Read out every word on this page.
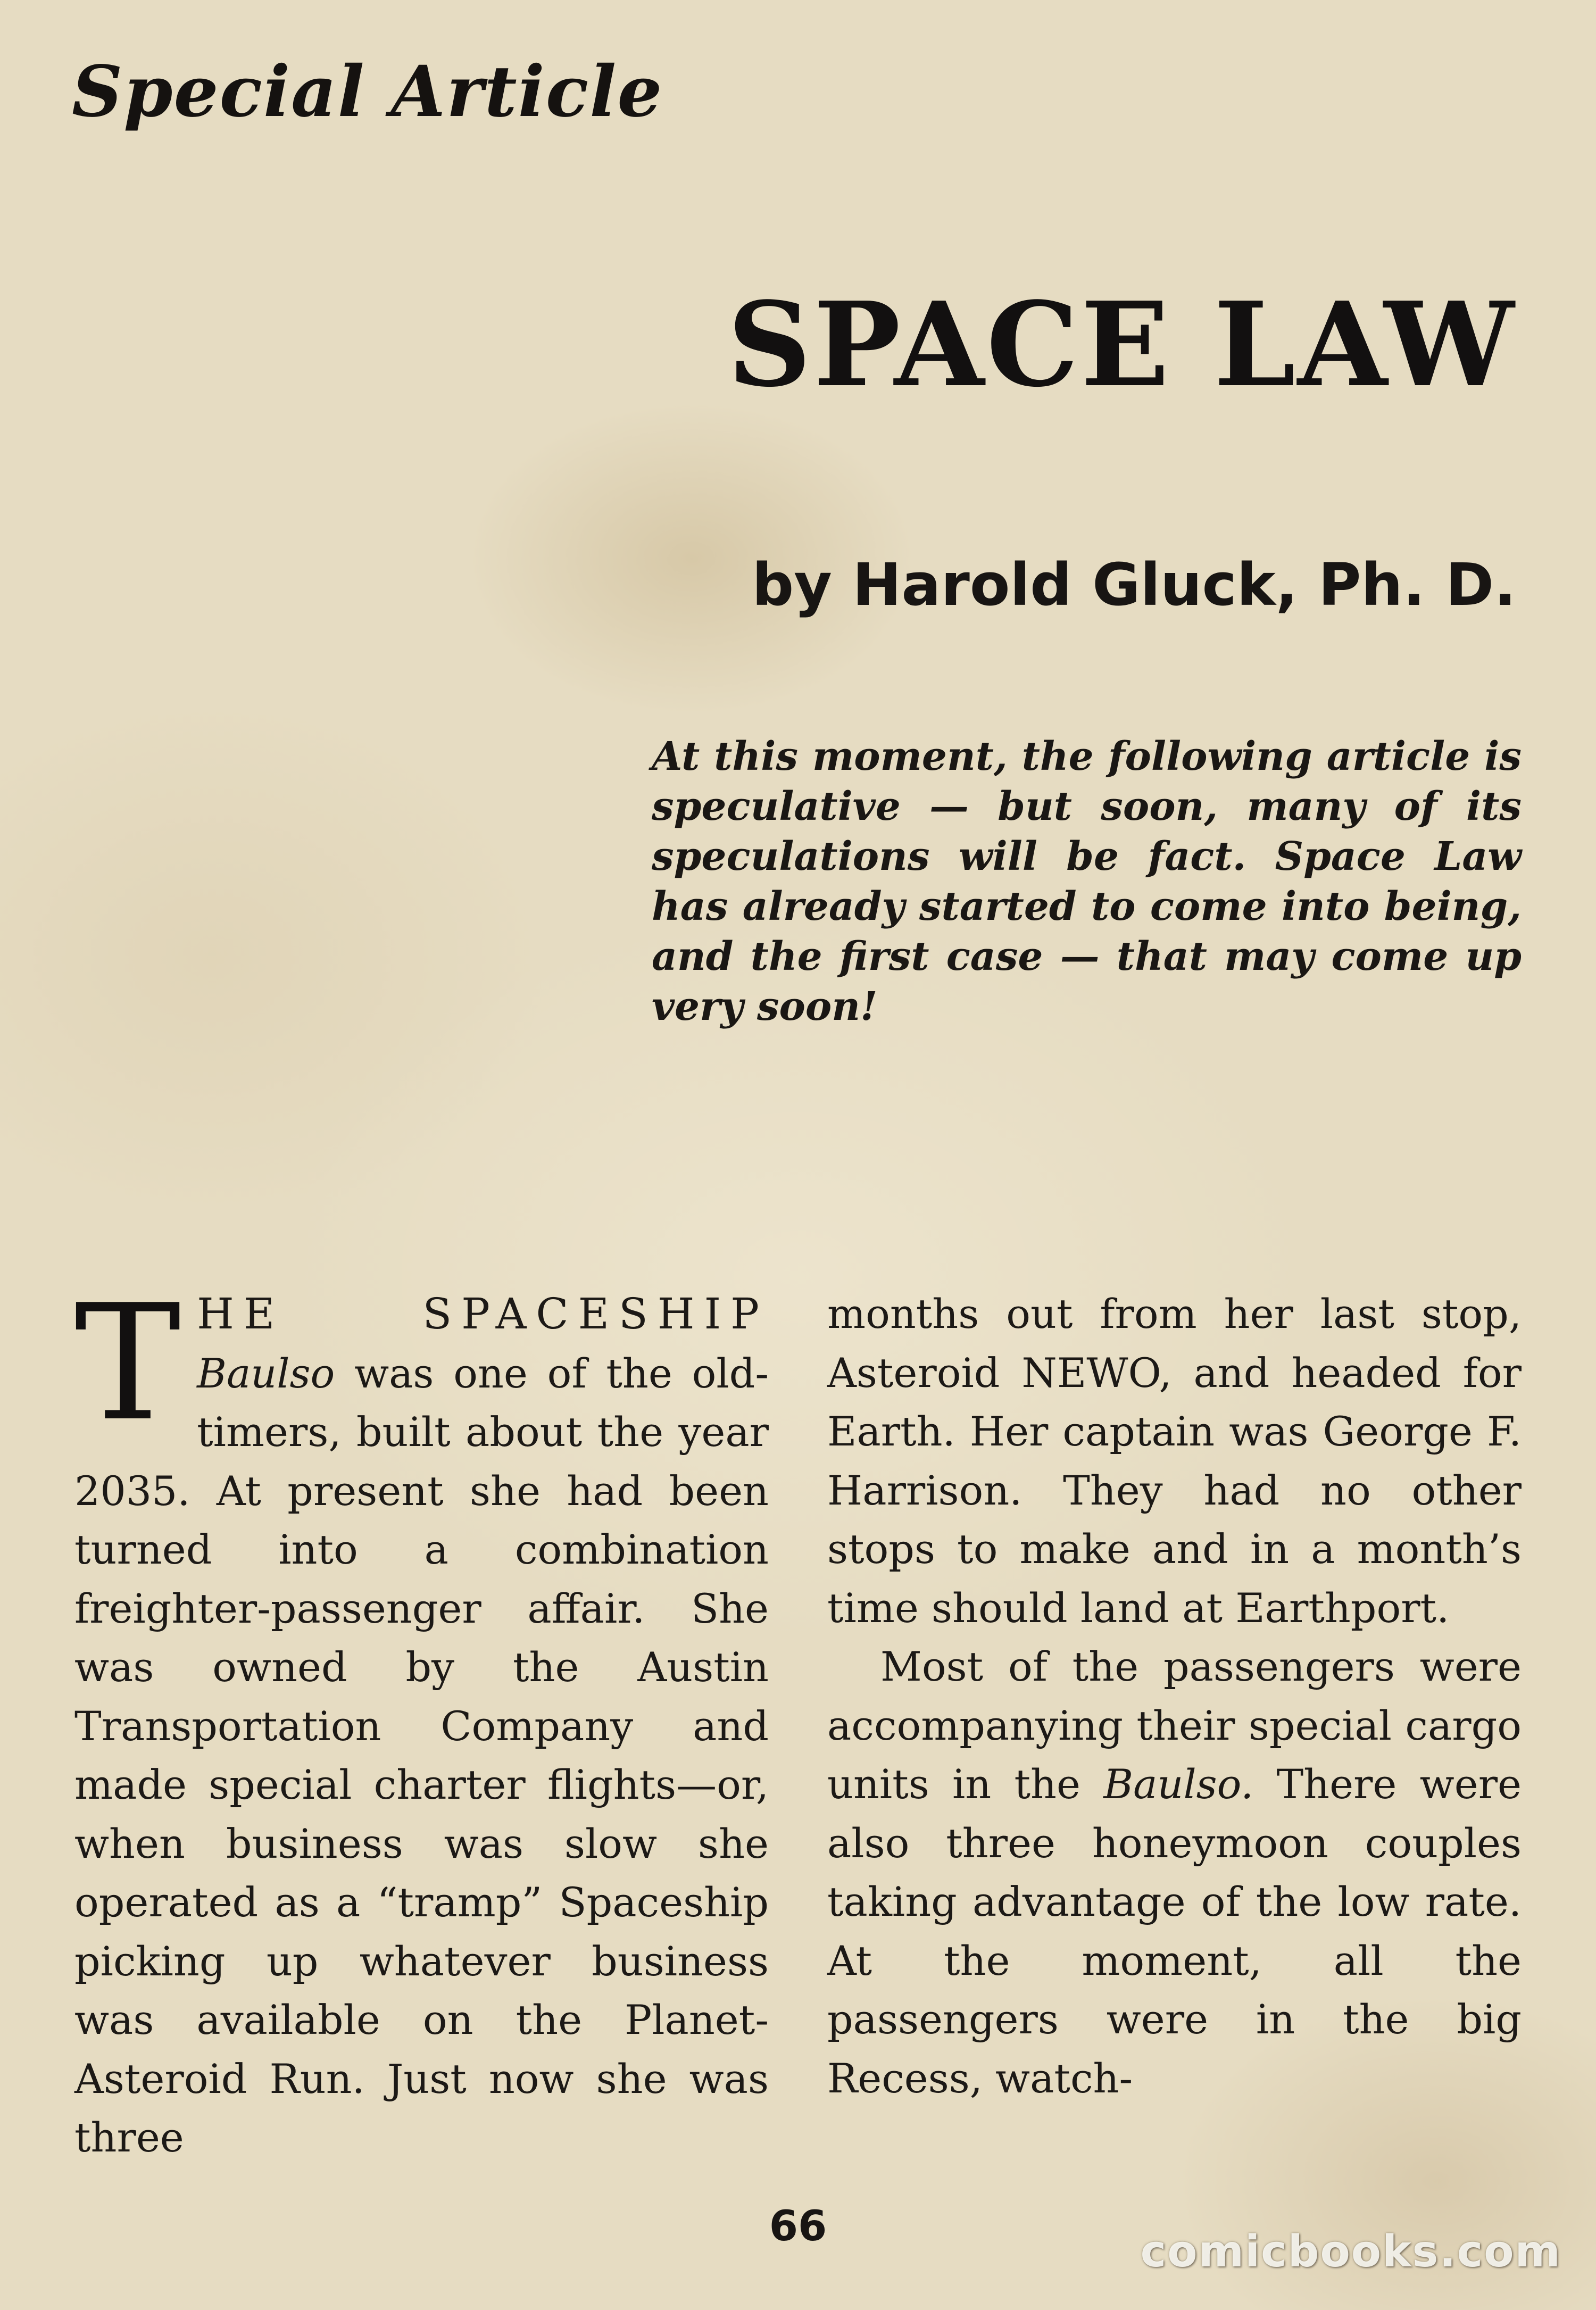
Special Article
SPACE LAW
by Harold Gluck, Ph. D.
At this moment, the following article is speculative — but soon, many of its speculations will be fact. Space Law has already started to come into being, and the first case — that may come up very soon!

THE SPACESHIP Baulso was one of the old-timers, built about the year 2035. At present she had been turned into a combination freighter-passenger affair. She was owned by the Austin Transportation Company and made special charter flights—or, when business was slow she operated as a “tramp” Spaceship picking up whatever business was available on the Planet-Asteroid Run. Just now she was three

months out from her last stop, Asteroid NEWO, and headed for Earth. Her captain was George F. Harrison. They had no other stops to make and in a month’s time should land at Earthport.

Most of the passengers were accompanying their special cargo units in the Baulso. There were also three honeymoon couples taking advantage of the low rate. At the moment, all the passengers were in the big Recess, watch-

66	comicbooks.com
